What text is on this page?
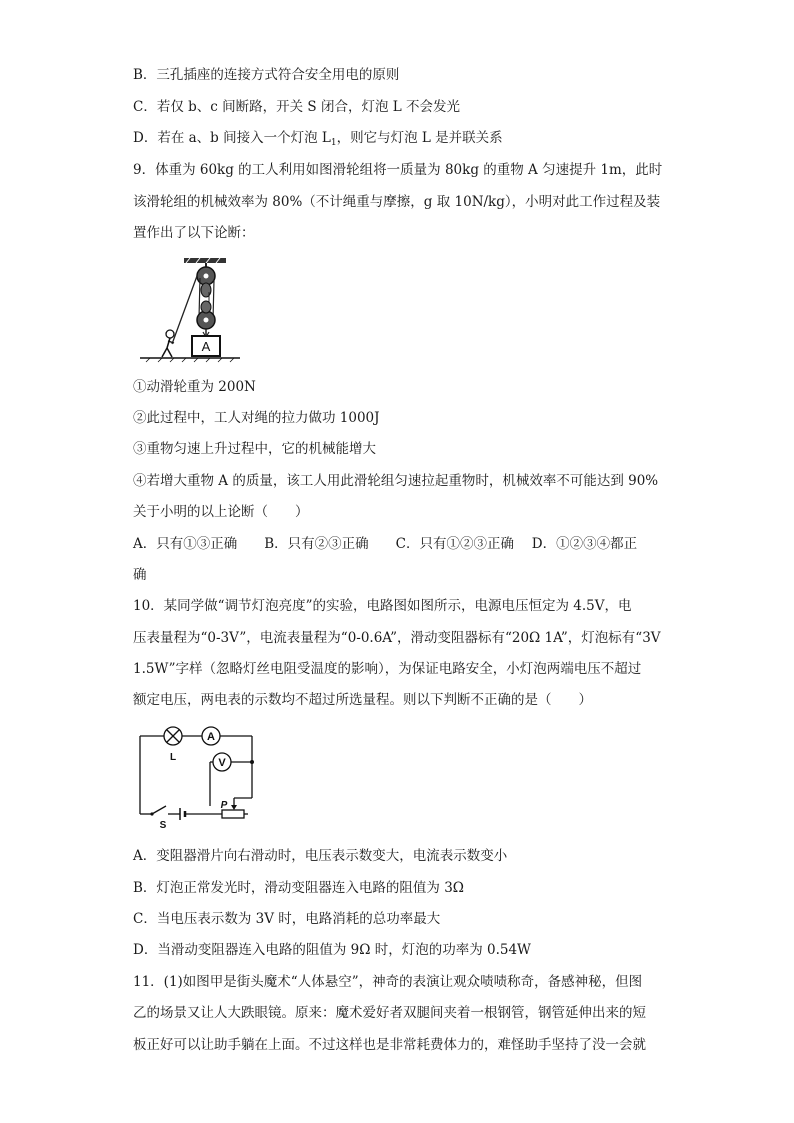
B．三孔插座的连接方式符合安全用电的原则
C．若仅 b、c 间断路，开关 S 闭合，灯泡 L 不会发光
D．若在 a、b 间接入一个灯泡 $L_1$，则它与灯泡 L 是并联关系
9．体重为 60kg 的工人利用如图滑轮组将一质量为 80kg 的重物 A 匀速提升 1m，此时
该滑轮组的机械效率为 80%（不计绳重与摩擦，g 取 10N/kg），小明对此工作过程及装
置作出了以下论断：
A
①动滑轮重为 200N
②此过程中，工人对绳的拉力做功 1000J
③重物匀速上升过程中，它的机械能增大
④若增大重物 A 的质量，该工人用此滑轮组匀速拉起重物时，机械效率不可能达到 90%
关于小明的以上论断（　　）
A．只有①③正确　　B．只有②③正确　　C．只有①②③正确　 D．①②③④都正
确
10．某同学做“调节灯泡亮度”的实验，电路图如图所示，电源电压恒定为 4.5V，电
压表量程为“0-3V”，电流表量程为“0-0.6A”，滑动变阻器标有“20Ω 1A”，灯泡标有“3V
1.5W”字样（忽略灯丝电阻受温度的影响），为保证电路安全，小灯泡两端电压不超过
额定电压，两电表的示数均不超过所选量程。则以下判断不正确的是（　　）
A
V
L
P
S
A．变阻器滑片向右滑动时，电压表示数变大，电流表示数变小
B．灯泡正常发光时，滑动变阻器连入电路的阻值为 3Ω
C．当电压表示数为 3V 时，电路消耗的总功率最大
D．当滑动变阻器连入电路的阻值为 9Ω 时，灯泡的功率为 0.54W
11．(1)如图甲是街头魔术“人体悬空”，神奇的表演让观众啧啧称奇，备感神秘，但图
乙的场景又让人大跌眼镜。原来：魔术爱好者双腿间夹着一根钢管，钢管延伸出来的短
板正好可以让助手躺在上面。不过这样也是非常耗费体力的，难怪助手坚持了没一会就
